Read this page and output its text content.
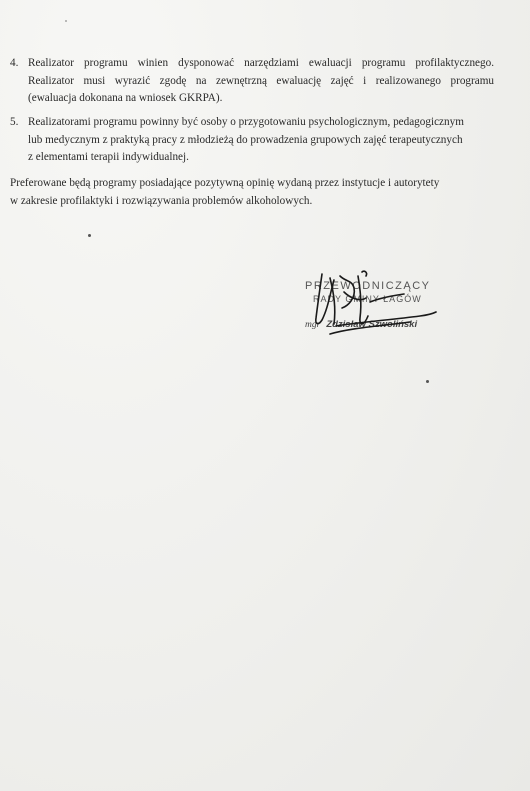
4. Realizator programu winien dysponować narzędziami ewaluacji programu profilaktycznego.
Realizator musi wyrazić zgodę na zewnętrzną ewaluację zajęć i realizowanego programu
(ewaluacja dokonana na wniosek GKRPA).
5. Realizatorami programu powinny być osoby o przygotowaniu psychologicznym, pedagogicznym
lub medycznym z praktyką pracy z młodzieżą do prowadzenia grupowych zajęć terapeutycznych
z elementami terapii indywidualnej.
Preferowane będą programy posiadające pozytywną opinię wydaną przez instytucje i autorytety
w zakresie profilaktyki i rozwiązywania problemów alkoholowych.
PRZEWODNICZĄCY
RADY GMINY ŁAGÓW
mgr Zdzisław Szwoliński
